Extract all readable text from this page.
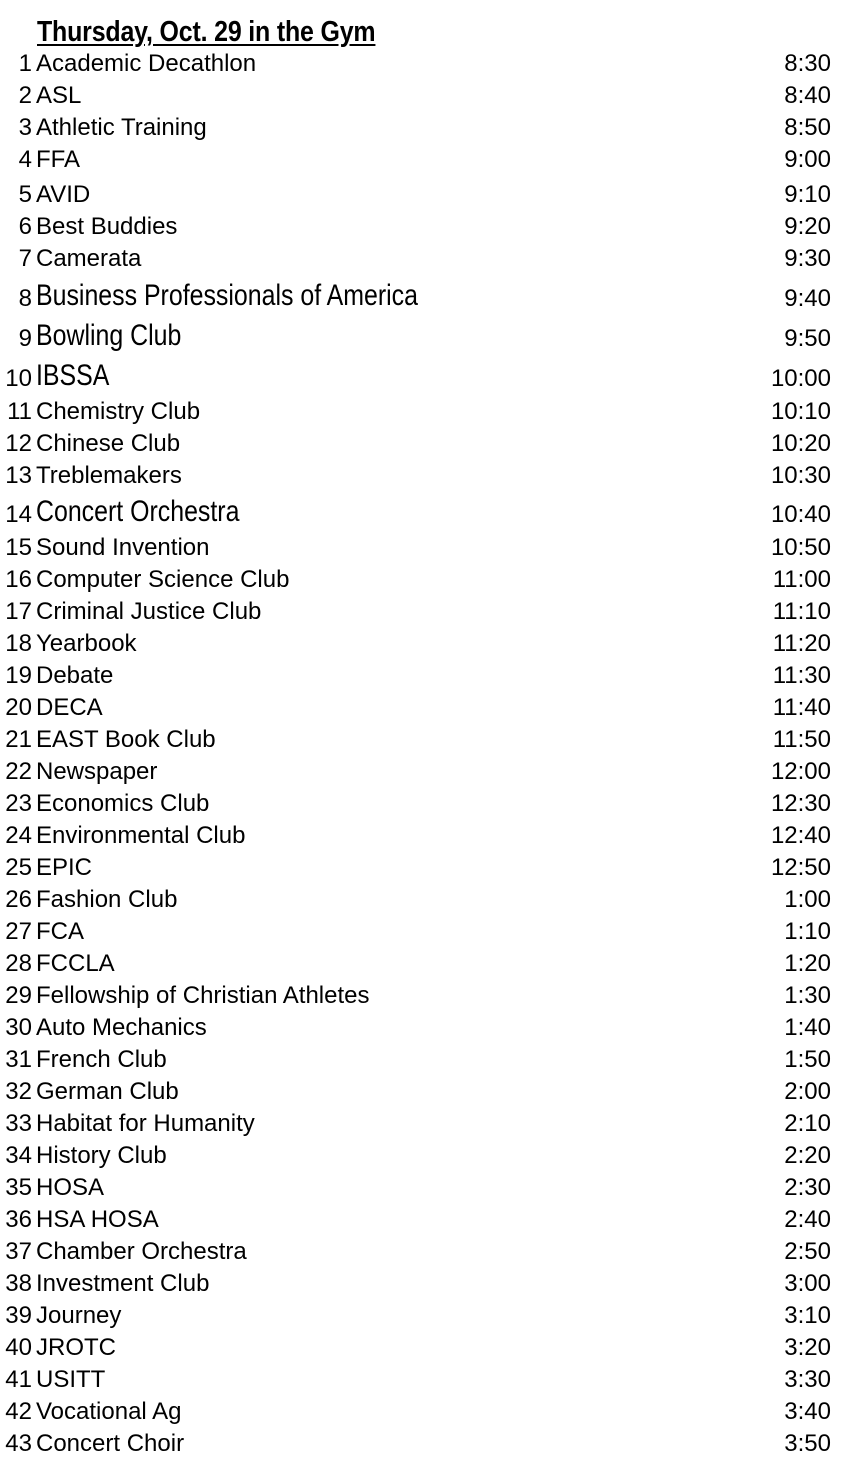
Thursday, Oct. 29 in the Gym
1 Academic Decathlon	8:30
2 ASL	8:40
3 Athletic Training	8:50
4 FFA	9:00
5 AVID	9:10
6 Best Buddies	9:20
7 Camerata	9:30
8 Business Professionals of America	9:40
9 Bowling Club	9:50
10 IBSSA	10:00
11 Chemistry Club	10:10
12 Chinese Club	10:20
13 Treblemakers	10:30
14 Concert Orchestra	10:40
15 Sound Invention	10:50
16 Computer Science Club	11:00
17 Criminal Justice Club	11:10
18 Yearbook	11:20
19 Debate	11:30
20 DECA	11:40
21 EAST Book Club	11:50
22 Newspaper	12:00
23 Economics Club	12:30
24 Environmental Club	12:40
25 EPIC	12:50
26 Fashion Club	1:00
27 FCA	1:10
28 FCCLA	1:20
29 Fellowship of Christian Athletes	1:30
30 Auto Mechanics	1:40
31 French Club	1:50
32 German Club	2:00
33 Habitat for Humanity	2:10
34 History Club	2:20
35 HOSA	2:30
36 HSA HOSA	2:40
37 Chamber Orchestra	2:50
38 Investment Club	3:00
39 Journey	3:10
40 JROTC	3:20
41 USITT	3:30
42 Vocational Ag	3:40
43 Concert Choir	3:50
